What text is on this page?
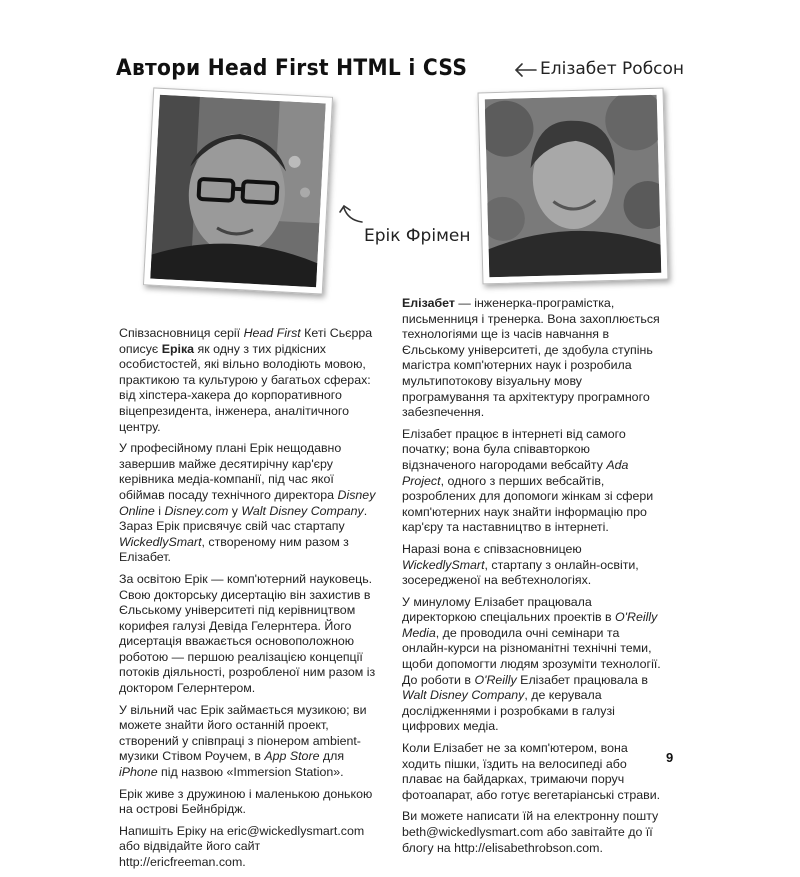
Автори Head First HTML і CSS	Елізабет Робсон
Ерік Фрімен

Співзасновниця серії Head First Кеті Сьєрра описує Еріка як одну з тих рідкісних особистостей, які вільно володіють мовою, практикою та культурою у багатьох сферах: від хіпстера-хакера до корпоративного віцепрезидента, інженера, аналітичного центру.

У професійному плані Ерік нещодавно завершив майже десятирічну кар'єру керівника медіа-компанії, під час якої обіймав посаду технічного директора Disney Online і Disney.com у Walt Disney Company. Зараз Ерік присвячує свій час стартапу WickedlySmart, створеному ним разом з Елізабет.

За освітою Ерік — комп'ютерний науковець. Свою докторську дисертацію він захистив в Єльському університеті під керівництвом корифея галузі Девіда Гелернтера. Його дисертація вважається основоположною роботою — першою реалізацією концепції потоків діяльності, розробленої ним разом із доктором Гелернтером.

У вільний час Ерік займається музикою; ви можете знайти його останній проект, створений у співпраці з піонером ambient-музики Стівом Роучем, в App Store для iPhone під назвою «Immersion Station».

Ерік живе з дружиною і маленькою донькою на острові Бейнбрідж.

Напишіть Еріку на eric@wickedlysmart.com або відвідайте його сайт http://ericfreeman.com.

Елізабет — інженерка-програмістка, письменниця і тренерка. Вона захоплюється технологіями ще із часів навчання в Єльському університеті, де здобула ступінь магістра комп'ютерних наук і розробила мультипотокову візуальну мову програмування та архітектуру програмного забезпечення.

Елізабет працює в інтернеті від самого початку; вона була співавторкою відзначеного нагородами вебсайту Ada Project, одного з перших вебсайтів, розроблених для допомоги жінкам зі сфери комп'ютерних наук знайти інформацію про кар'єру та наставництво в інтернеті.

Наразі вона є співзасновницею WickedlySmart, стартапу з онлайн-освіти, зосередженої на вебтехнологіях.

У минулому Елізабет працювала директоркою спеціальних проектів в O'Reilly Media, де проводила очні семінари та онлайн-курси на різноманітні технічні теми, щоби допомогти людям зрозуміти технології. До роботи в O'Reilly Елізабет працювала в Walt Disney Company, де керувала дослідженнями і розробками в галузі цифрових медіа.

Коли Елізабет не за комп'ютером, вона ходить пішки, їздить на велосипеді або плаває на байдарках, тримаючи поруч фотоапарат, або готує вегетаріанські страви.

Ви можете написати їй на електронну пошту beth@wickedlysmart.com або завітайте до її блогу на http://elisabethrobson.com.

9
